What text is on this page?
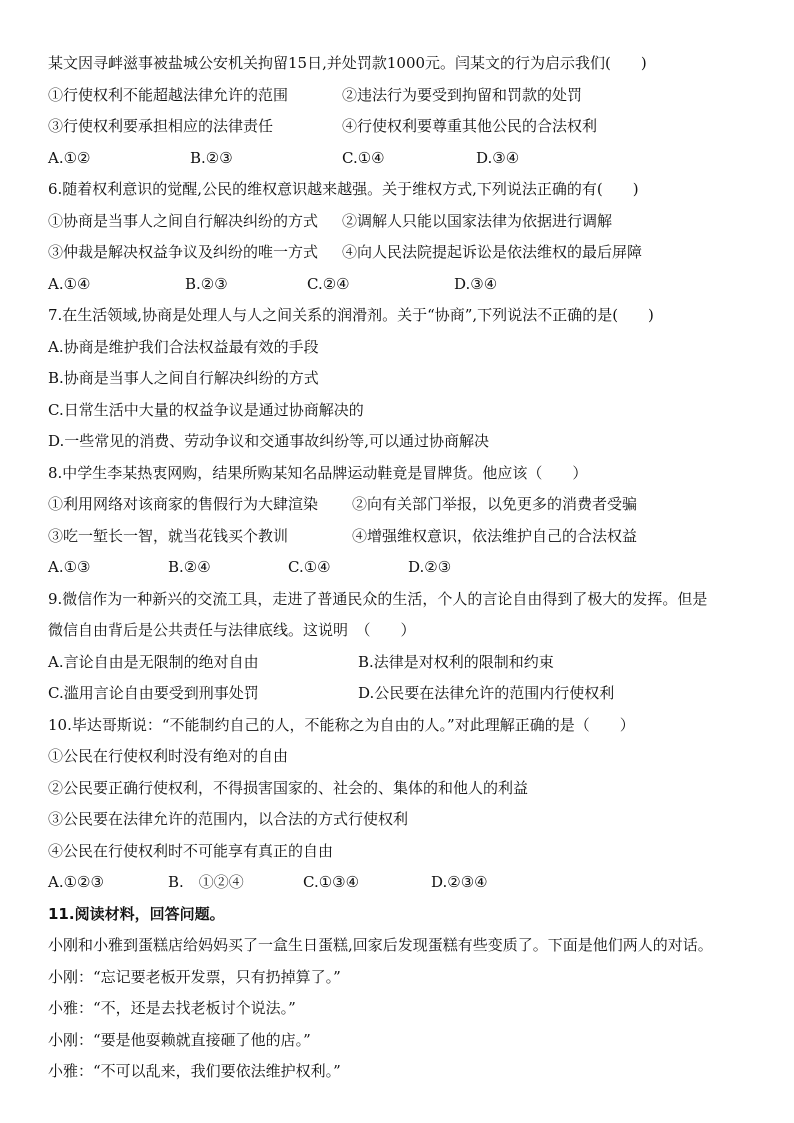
某文因寻衅滋事被盐城公安机关拘留15日,并处罚款1000元。闫某文的行为启示我们(　　)
①行使权利不能超越法律允许的范围	②违法行为要受到拘留和罚款的处罚
③行使权利要承担相应的法律责任	④行使权利要尊重其他公民的合法权利
A.①②	B.②③	C.①④	D.③④
6.随着权利意识的觉醒,公民的维权意识越来越强。关于维权方式,下列说法正确的有(　　)
①协商是当事人之间自行解决纠纷的方式	②调解人只能以国家法律为依据进行调解
③仲裁是解决权益争议及纠纷的唯一方式	④向人民法院提起诉讼是依法维权的最后屏障
A.①④	B.②③	C.②④	D.③④
7.在生活领域,协商是处理人与人之间关系的润滑剂。关于“协商”,下列说法不正确的是(　　)
A.协商是维护我们合法权益最有效的手段
B.协商是当事人之间自行解决纠纷的方式
C.日常生活中大量的权益争议是通过协商解决的
D.一些常见的消费、劳动争议和交通事故纠纷等,可以通过协商解决
8.中学生李某热衷网购，结果所购某知名品牌运动鞋竟是冒牌货。他应该（　　）
①利用网络对该商家的售假行为大肆渲染	②向有关部门举报，以免更多的消费者受骗
③吃一堑长一智，就当花钱买个教训	④增强维权意识，依法维护自己的合法权益
A.①③	B.②④	C.①④	D.②③
9.微信作为一种新兴的交流工具，走进了普通民众的生活，个人的言论自由得到了极大的发挥。但是
微信自由背后是公共责任与法律底线。这说明　（　　）
A.言论自由是无限制的绝对自由	B.法律是对权利的限制和约束
C.滥用言论自由要受到刑事处罚	D.公民要在法律允许的范围内行使权利
10.毕达哥斯说：“不能制约自己的人，不能称之为自由的人。”对此理解正确的是（　　）
①公民在行使权利时没有绝对的自由
②公民要正确行使权利，不得损害国家的、社会的、集体的和他人的利益
③公民要在法律允许的范围内，以合法的方式行使权利
④公民在行使权利时不可能享有真正的自由
A.①②③	B.　①②④	C.①③④	D.②③④
11.阅读材料，回答问题。
小刚和小雅到蛋糕店给妈妈买了一盒生日蛋糕,回家后发现蛋糕有些变质了。下面是他们两人的对话。
小刚：“忘记要老板开发票，只有扔掉算了。”
小雅：“不，还是去找老板讨个说法。”
小刚：“要是他耍赖就直接砸了他的店。”
小雅：“不可以乱来，我们要依法维护权利。”
